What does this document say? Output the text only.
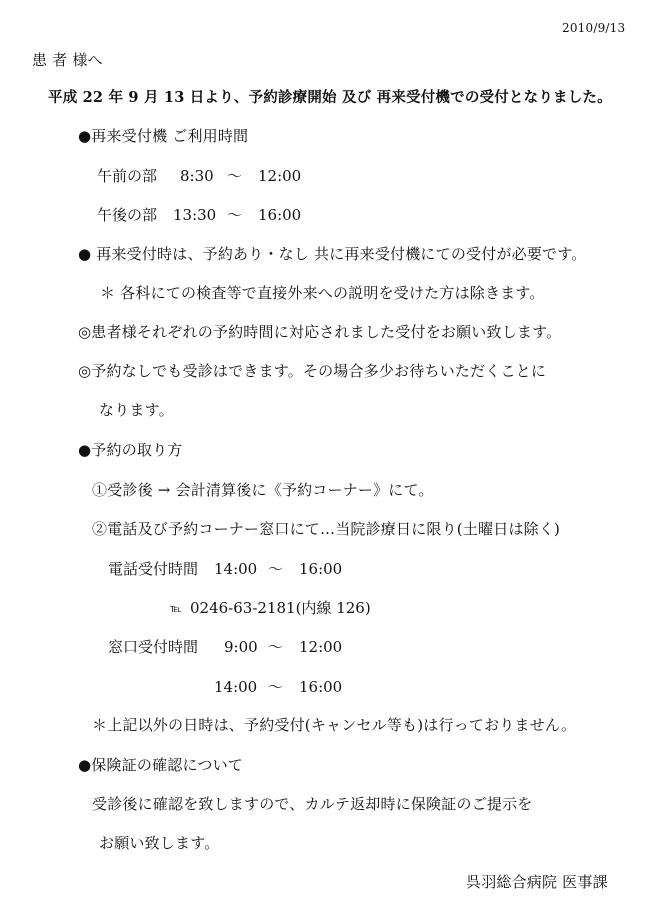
2010/9/13
患 者 様へ
平成 22 年 9 月 13 日より、予約診療開始 及び 再来受付機での受付となりました。
●再来受付機 ご利用時間
午前の部 8:30 〜 12:00
午後の部 13:30 〜 16:00
● 再来受付時は、予約あり・なし 共に再来受付機にての受付が必要です。
＊ 各科にての検査等で直接外来への説明を受けた方は除きます。
◎患者様それぞれの予約時間に対応されました受付をお願い致します。
◎予約なしでも受診はできます。その場合多少お待ちいただくことに
なります。
●予約の取り方
①受診後 → 会計清算後に《予約コーナー》にて。
②電話及び予約コーナー窓口にて…当院診療日に限り(土曜日は除く)
電話受付時間 14:00 〜 16:00
℡ 0246-63-2181(内線 126)
窓口受付時間 9:00 〜 12:00
14:00 〜 16:00
＊上記以外の日時は、予約受付(キャンセル等も)は行っておりません。
●保険証の確認について
受診後に確認を致しますので、カルテ返却時に保険証のご提示を
お願い致します。
呉羽総合病院 医事課
